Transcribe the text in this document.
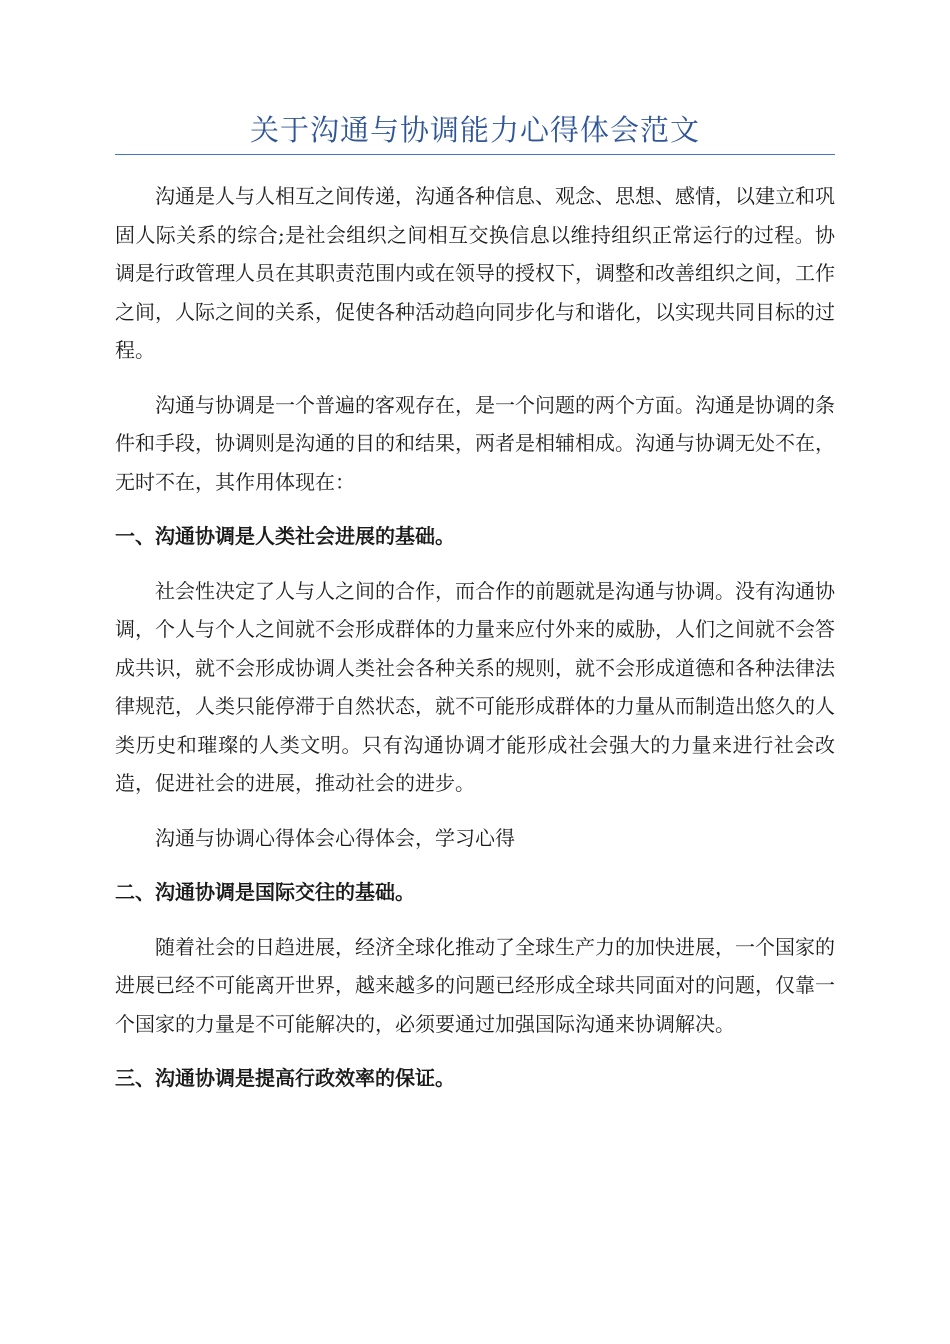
关于沟通与协调能力心得体会范文

沟通是人与人相互之间传递，沟通各种信息、观念、思想、感情，以建立和巩固人际关系的综合;是社会组织之间相互交换信息以维持组织正常运行的过程。协调是行政管理人员在其职责范围内或在领导的授权下，调整和改善组织之间，工作之间，人际之间的关系，促使各种活动趋向同步化与和谐化，以实现共同目标的过程。

沟通与协调是一个普遍的客观存在，是一个问题的两个方面。沟通是协调的条件和手段，协调则是沟通的目的和结果，两者是相辅相成。沟通与协调无处不在，无时不在，其作用体现在：

一、沟通协调是人类社会进展的基础。

社会性决定了人与人之间的合作，而合作的前题就是沟通与协调。没有沟通协调，个人与个人之间就不会形成群体的力量来应付外来的威胁，人们之间就不会答成共识，就不会形成协调人类社会各种关系的规则，就不会形成道德和各种法律法律规范，人类只能停滞于自然状态，就不可能形成群体的力量从而制造出悠久的人类历史和璀璨的人类文明。只有沟通协调才能形成社会强大的力量来进行社会改造，促进社会的进展，推动社会的进步。

沟通与协调心得体会心得体会，学习心得

二、沟通协调是国际交往的基础。

随着社会的日趋进展，经济全球化推动了全球生产力的加快进展，一个国家的进展已经不可能离开世界，越来越多的问题已经形成全球共同面对的问题，仅靠一个国家的力量是不可能解决的，必须要通过加强国际沟通来协调解决。

三、沟通协调是提高行政效率的保证。
